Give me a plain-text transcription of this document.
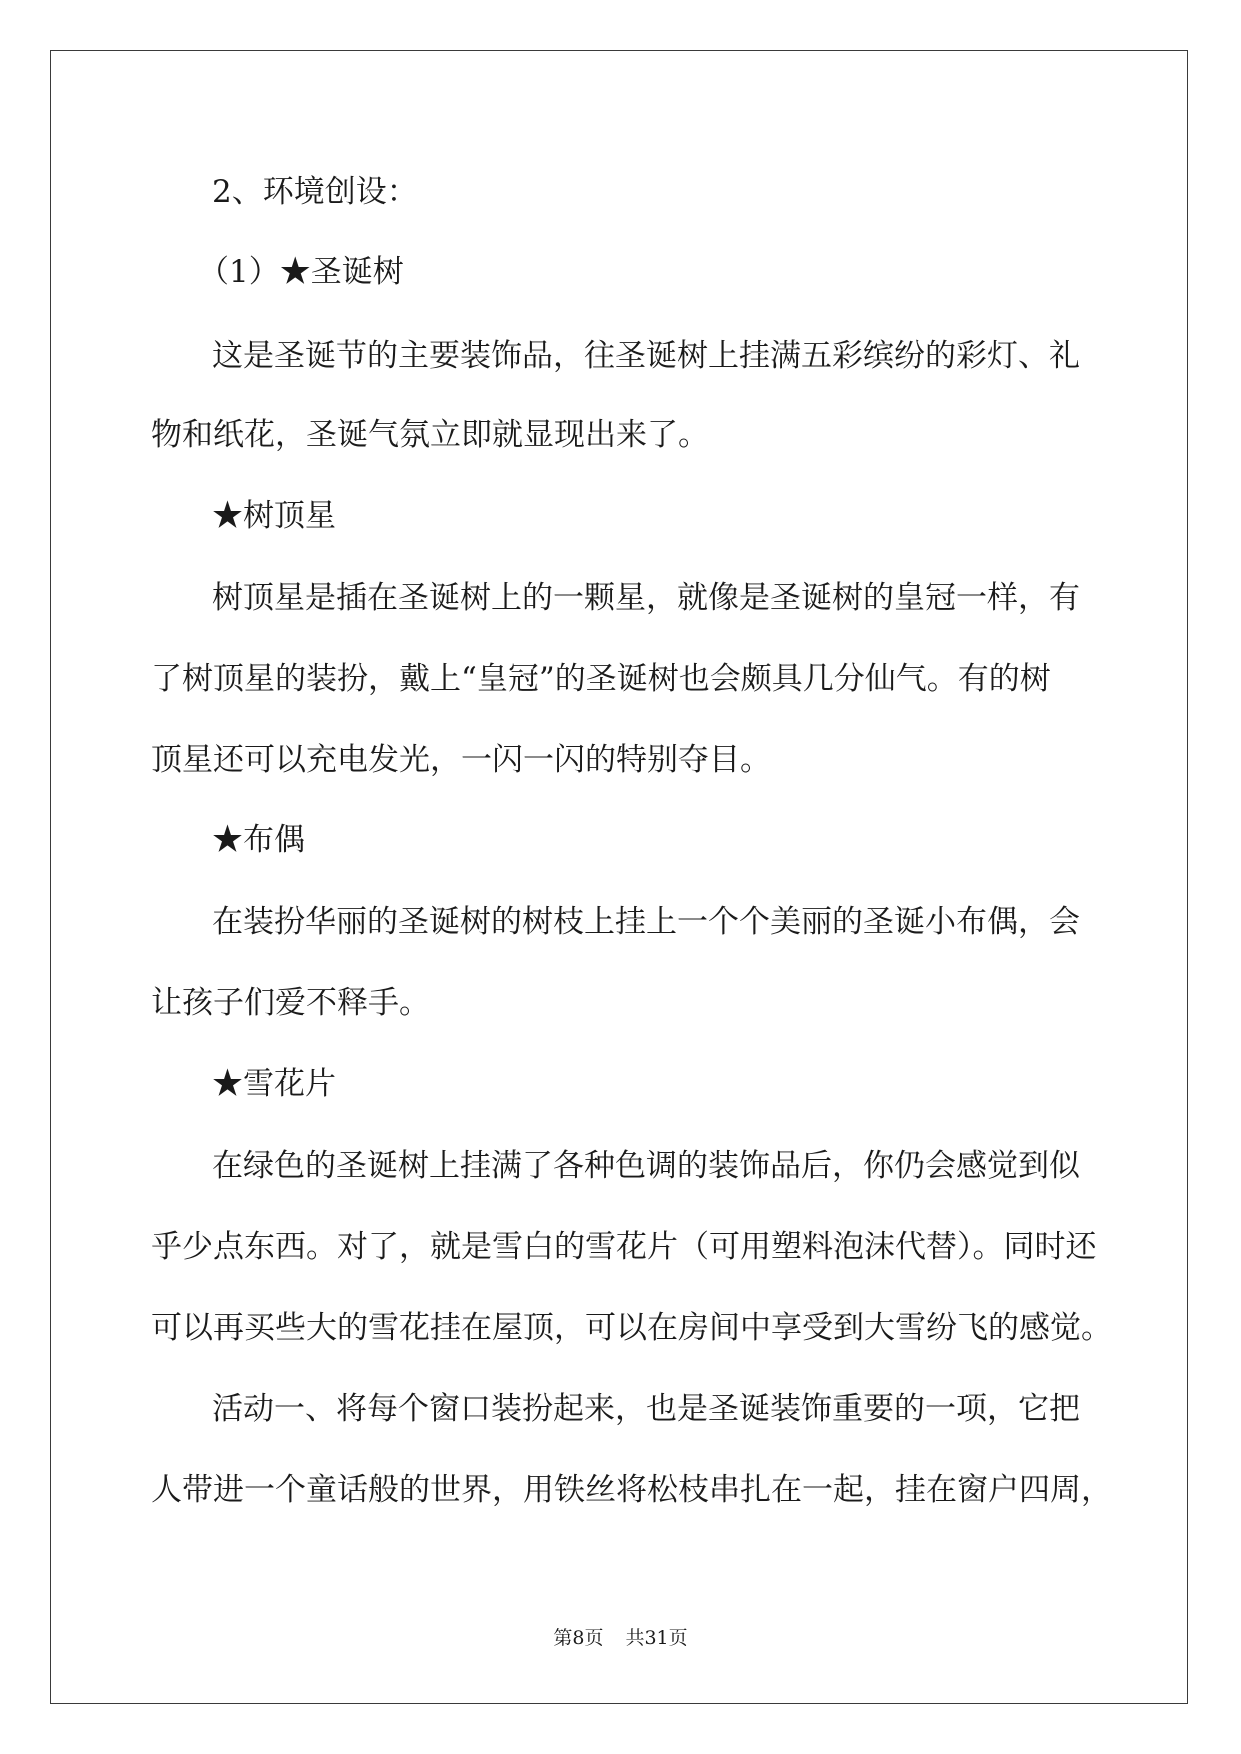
2、环境创设：
（1）★圣诞树
这是圣诞节的主要装饰品，往圣诞树上挂满五彩缤纷的彩灯、礼
物和纸花，圣诞气氛立即就显现出来了。
★树顶星
树顶星是插在圣诞树上的一颗星，就像是圣诞树的皇冠一样，有
了树顶星的装扮，戴上“皇冠”的圣诞树也会颇具几分仙气。有的树
顶星还可以充电发光，一闪一闪的特别夺目。
★布偶
在装扮华丽的圣诞树的树枝上挂上一个个美丽的圣诞小布偶，会
让孩子们爱不释手。
★雪花片
在绿色的圣诞树上挂满了各种色调的装饰品后，你仍会感觉到似
乎少点东西。对了，就是雪白的雪花片（可用塑料泡沫代替）。同时还
可以再买些大的雪花挂在屋顶，可以在房间中享受到大雪纷飞的感觉。
活动一、将每个窗口装扮起来，也是圣诞装饰重要的一项，它把
人带进一个童话般的世界，用铁丝将松枝串扎在一起，挂在窗户四周，
第8页 共31页
